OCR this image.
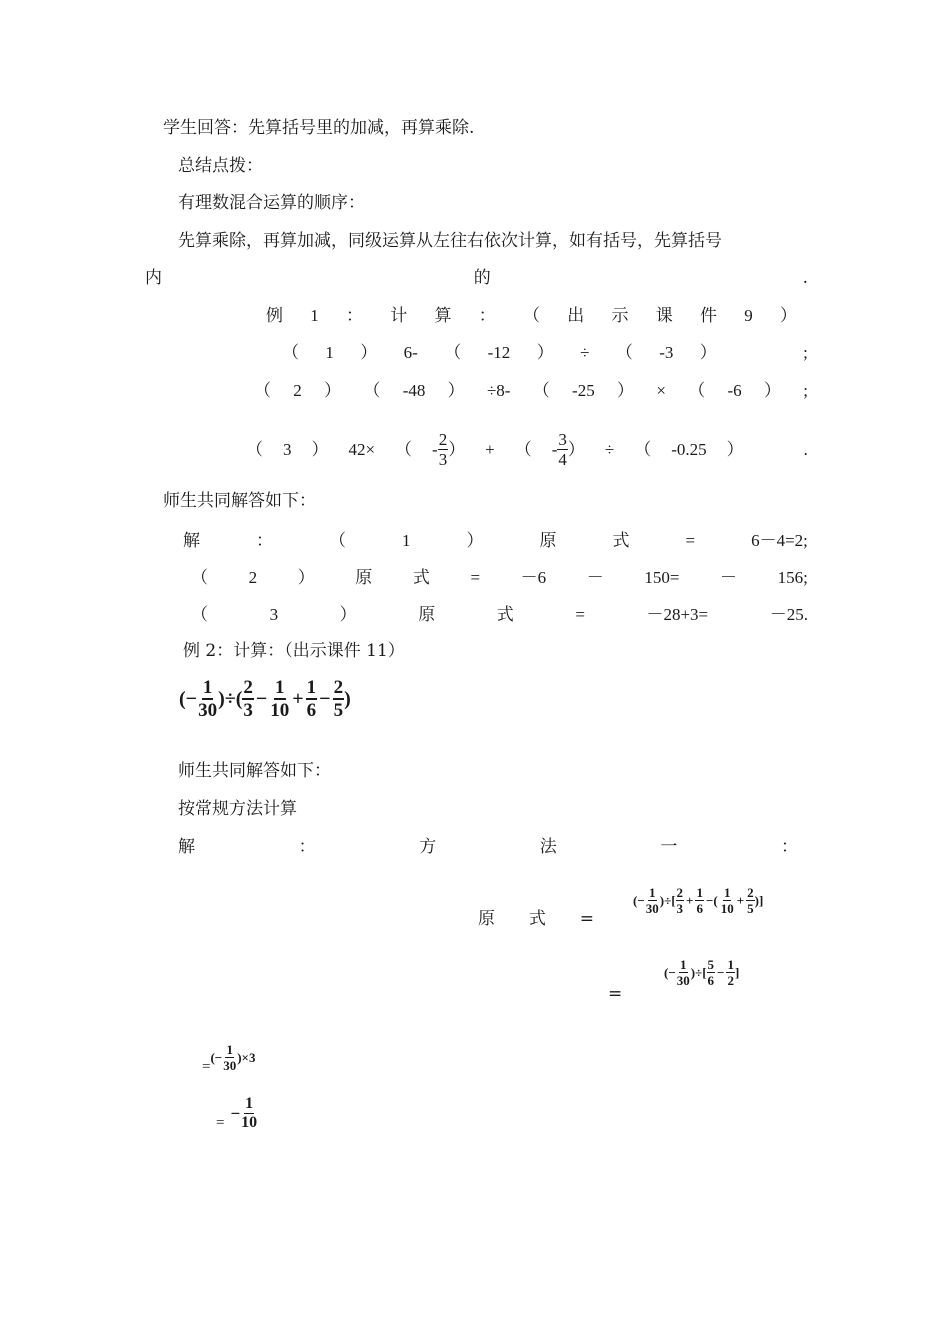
学生回答：先算括号里的加减，再算乘除.
总结点拨：
有理数混合运算的顺序：
先算乘除，再算加减，同级运算从左往右依次计算，如有括号，先算括号
内	的	.
例 1 ： 计 算 ： （ 出 示 课 件 9 ）
（ 1 ） 6- （ -12 ） ÷ （ -3 ）	;
（ 2 ） （ -48 ） ÷8- （ -25 ） × （ -6 ） ;
（ 3 ） 42× （ - $\frac{2}{3}$ ） + （ - $\frac{3}{4}$ ） ÷ （ -0.25 ）	.
师生共同解答如下：
解	：	（	1	）	原	式	=	6－4=2;
（ 2 ） 原 式 = －6 － 150= － 156;
（	3	）	原	式	=	－28+3=	－25.
例 2：计算：（出示课件 11）
(− $\frac{1}{30}$ )÷( $\frac{2}{3} - \frac{1}{10} + \frac{1}{6} - \frac{2}{5}$ )
师生共同解答如下：
按常规方法计算
解	：	方	法	一	：
原 式 =
(− $\frac{1}{30}$ )÷[ $\frac{2}{3} + \frac{1}{6}$ −( $\frac{1}{10} + \frac{2}{5}$ )]
=
(− $\frac{1}{30}$ )÷[ $\frac{5}{6} - \frac{1}{2}$ ]
=
(− $\frac{1}{30} )\times 3$
= − $\frac{1}{10}$
